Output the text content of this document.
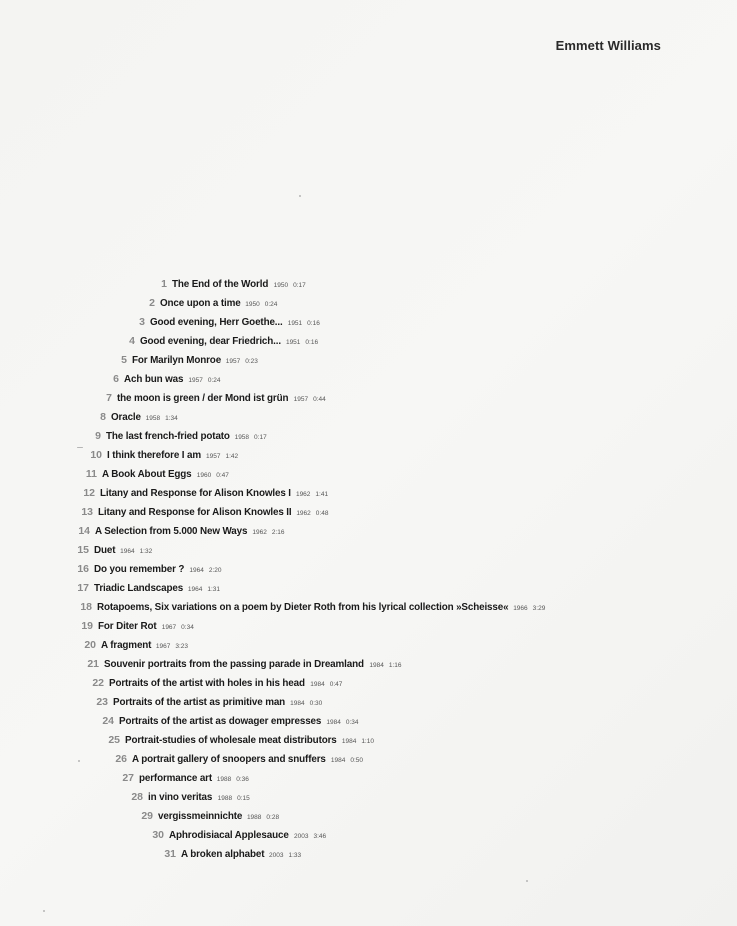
Emmett Williams
1 The End of the World 1950 0:17
2 Once upon a time 1950 0:24
3 Good evening, Herr Goethe... 1951 0:16
4 Good evening, dear Friedrich... 1951 0:16
5 For Marilyn Monroe 1957 0:23
6 Ach bun was 1957 0:24
7 the moon is green / der Mond ist grün 1957 0:44
8 Oracle 1958 1:34
9 The last french-fried potato 1958 0:17
10 I think therefore I am 1957 1:42
11 A Book About Eggs 1960 0:47
12 Litany and Response for Alison Knowles I 1962 1:41
13 Litany and Response for Alison Knowles II 1962 0:48
14 A Selection from 5.000 New Ways 1962 2:16
15 Duet 1964 1:32
16 Do you remember ? 1964 2:20
17 Triadic Landscapes 1964 1:31
18 Rotapoems, Six variations on a poem by Dieter Roth from his lyrical collection »Scheisse« 1966 3:29
19 For Diter Rot 1967 0:34
20 A fragment 1967 3:23
21 Souvenir portraits from the passing parade in Dreamland 1984 1:16
22 Portraits of the artist with holes in his head 1984 0:47
23 Portraits of the artist as primitive man 1984 0:30
24 Portraits of the artist as dowager empresses 1984 0:34
25 Portrait-studies of wholesale meat distributors 1984 1:10
26 A portrait gallery of snoopers and snuffers 1984 0:50
27 performance art 1988 0:36
28 in vino veritas 1988 0:15
29 vergissmeinnichte 1988 0:28
30 Aphrodisiacal Applesauce 2003 3:46
31 A broken alphabet 2003 1:33
